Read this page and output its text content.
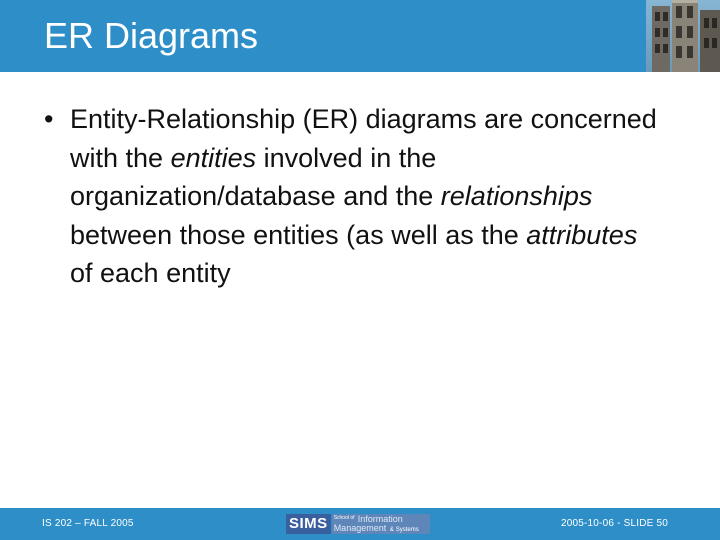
ER Diagrams
• Entity-Relationship (ER) diagrams are concerned with the entities involved in the organization/database and the relationships between those entities (as well as the attributes of each entity
IS 202 – FALL 2005	SIMS	School of Information
Management & Systems
2005-10-06 - SLIDE 50
